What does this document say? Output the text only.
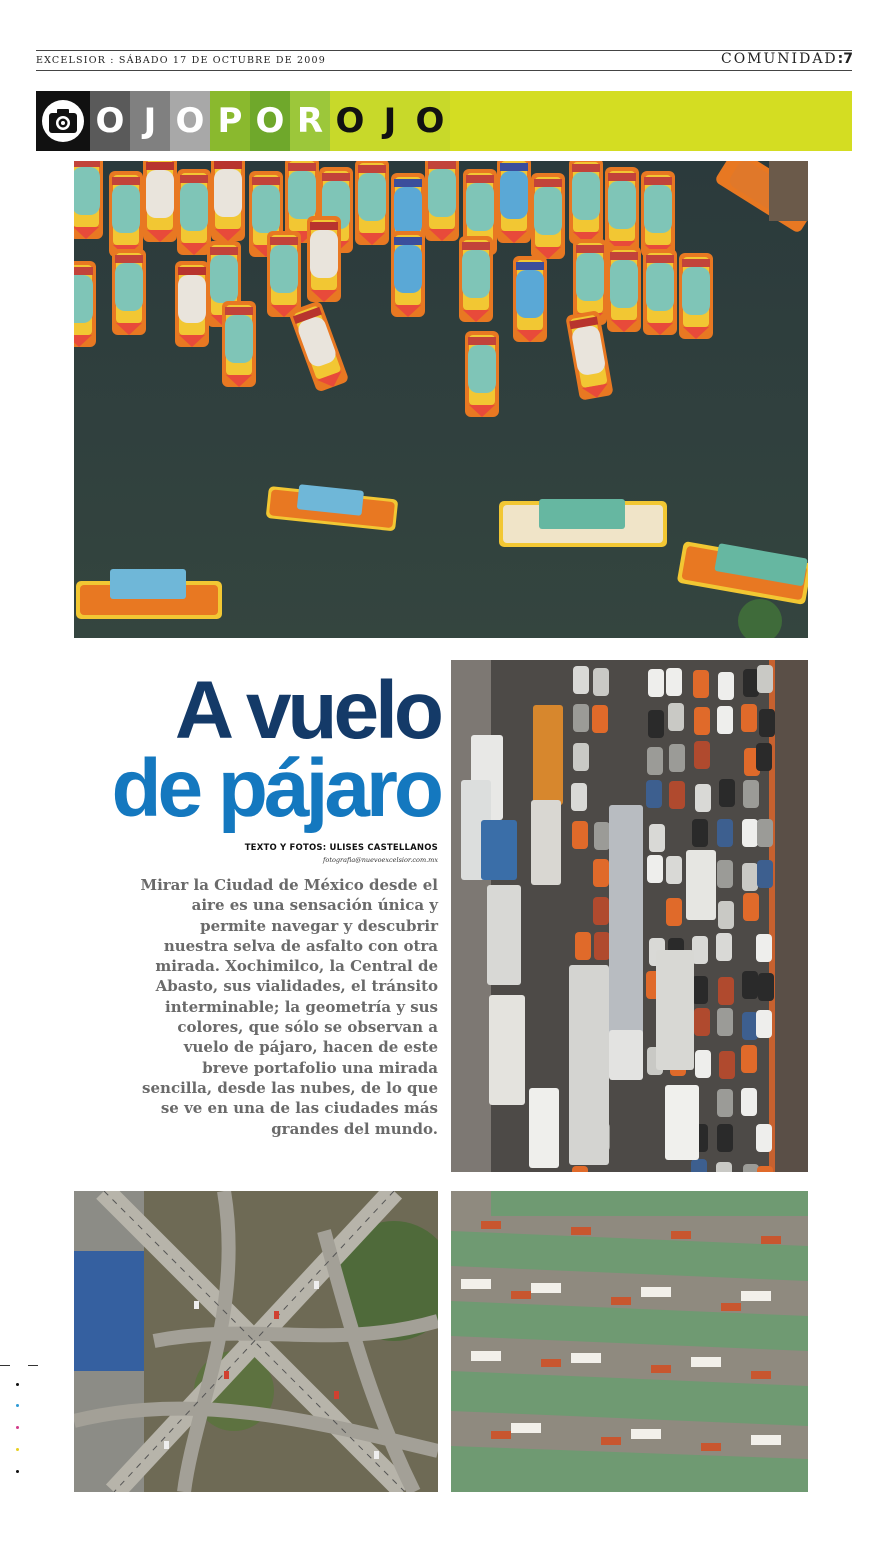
EXCELSIOR : SÁBADO 17 DE OCTUBRE DE 2009	COMUNIDAD:7
O J O P O R O J O
A vuelo
de pájaro
TEXTO Y FOTOS: ULISES CASTELLANOS
fotografia@nuevoexcelsior.com.mx

Mirar la Ciudad de México desde el aire es una sensación única y permite navegar y descubrir nuestra selva de asfalto con otra mirada. Xochimilco, la Central de Abasto, sus vialidades, el tránsito interminable; la geometría y sus colores, que sólo se observan a vuelo de pájaro, hacen de este breve portafolio una mirada sencilla, desde las nubes, de lo que se ve en una de las ciudades más grandes del mundo.
